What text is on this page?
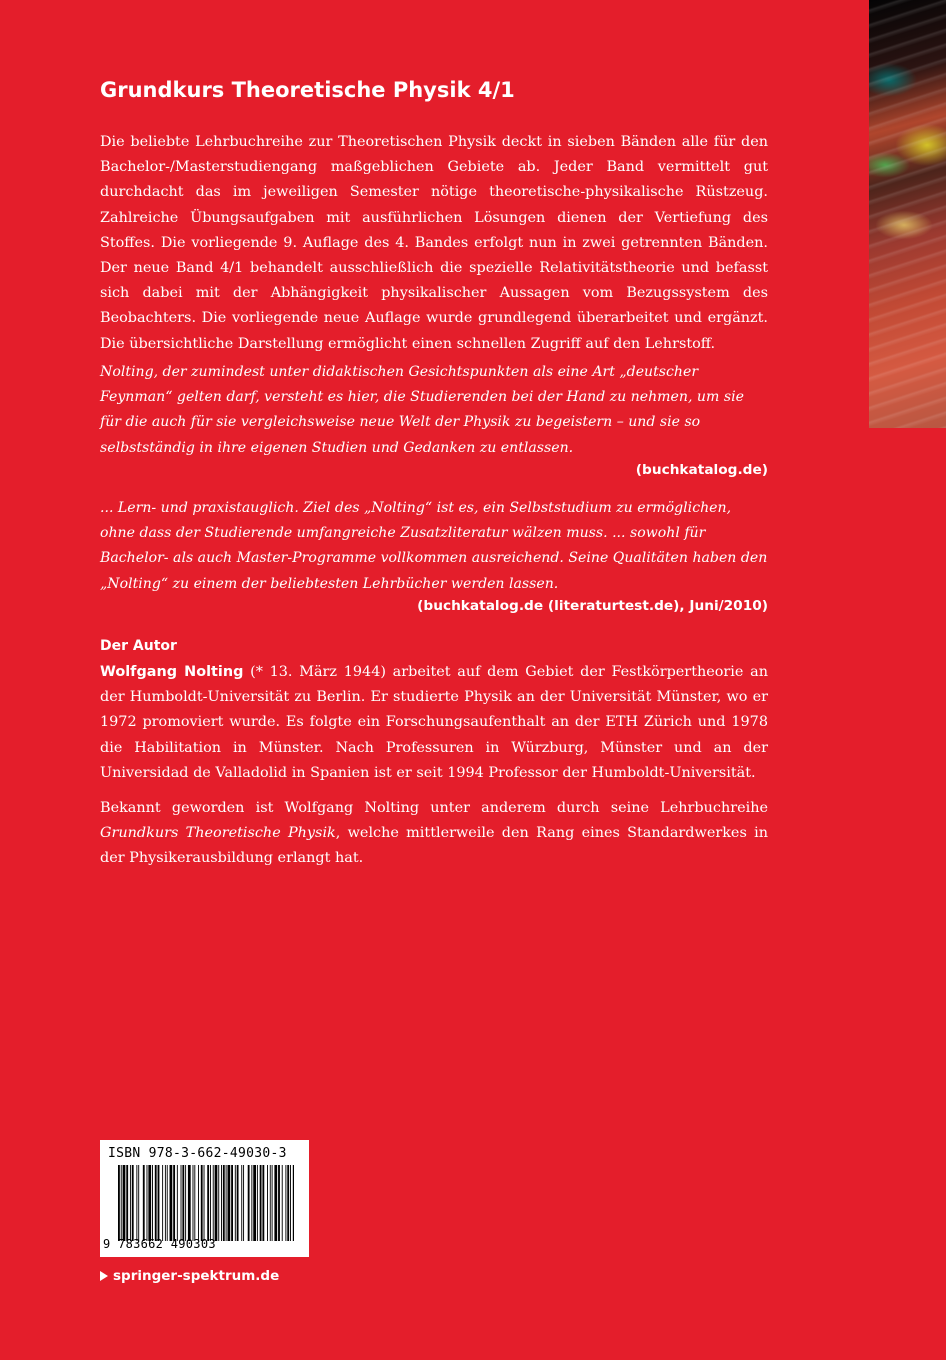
Grundkurs Theoretische Physik 4/1

Die beliebte Lehrbuchreihe zur Theoretischen Physik deckt in sieben Bänden alle für den Bachelor-/Masterstudiengang maßgeblichen Gebiete ab. Jeder Band vermittelt gut durchdacht das im jeweiligen Semester nötige theoretische-physikalische Rüstzeug. Zahlreiche Übungsaufgaben mit ausführlichen Lösungen dienen der Vertiefung des Stoffes. Die vorliegende 9. Auflage des 4. Bandes erfolgt nun in zwei getrennten Bänden. Der neue Band 4/1 behandelt ausschließlich die spezielle Relativitätstheorie und befasst sich dabei mit der Abhängigkeit physikalischer Aussagen vom Bezugssystem des Beobachters. Die vorliegende neue Auflage wurde grundlegend überarbeitet und ergänzt. Die übersichtliche Darstellung ermöglicht einen schnellen Zugriff auf den Lehrstoff.

Nolting, der zumindest unter didaktischen Gesichtspunkten als eine Art „deutscher Feynman“ gelten darf, versteht es hier, die Studierenden bei der Hand zu nehmen, um sie für die auch für sie vergleichsweise neue Welt der Physik zu begeistern – und sie so selbstständig in ihre eigenen Studien und Gedanken zu entlassen.

(buchkatalog.de)

... Lern- und praxistauglich. Ziel des „Nolting“ ist es, ein Selbststudium zu ermöglichen, ohne dass der Studierende umfangreiche Zusatzliteratur wälzen muss. ... sowohl für Bachelor- als auch Master-Programme vollkommen ausreichend. Seine Qualitäten haben den „Nolting“ zu einem der beliebtesten Lehrbücher werden lassen.

(buchkatalog.de (literaturtest.de), Juni/2010)

Der Autor

Wolfgang Nolting (* 13. März 1944) arbeitet auf dem Gebiet der Festkörpertheorie an der Humboldt-Universität zu Berlin. Er studierte Physik an der Universität Münster, wo er 1972 promoviert wurde. Es folgte ein Forschungsaufenthalt an der ETH Zürich und 1978 die Habilitation in Münster. Nach Professuren in Würzburg, Münster und an der Universidad de Valladolid in Spanien ist er seit 1994 Professor der Humboldt-Universität.

Bekannt geworden ist Wolfgang Nolting unter anderem durch seine Lehrbuchreihe Grundkurs Theoretische Physik, welche mittlerweile den Rang eines Standardwerkes in der Physikerausbildung erlangt hat.

ISBN 978-3-662-49030-3
9 783662 490303
springer-spektrum.de
